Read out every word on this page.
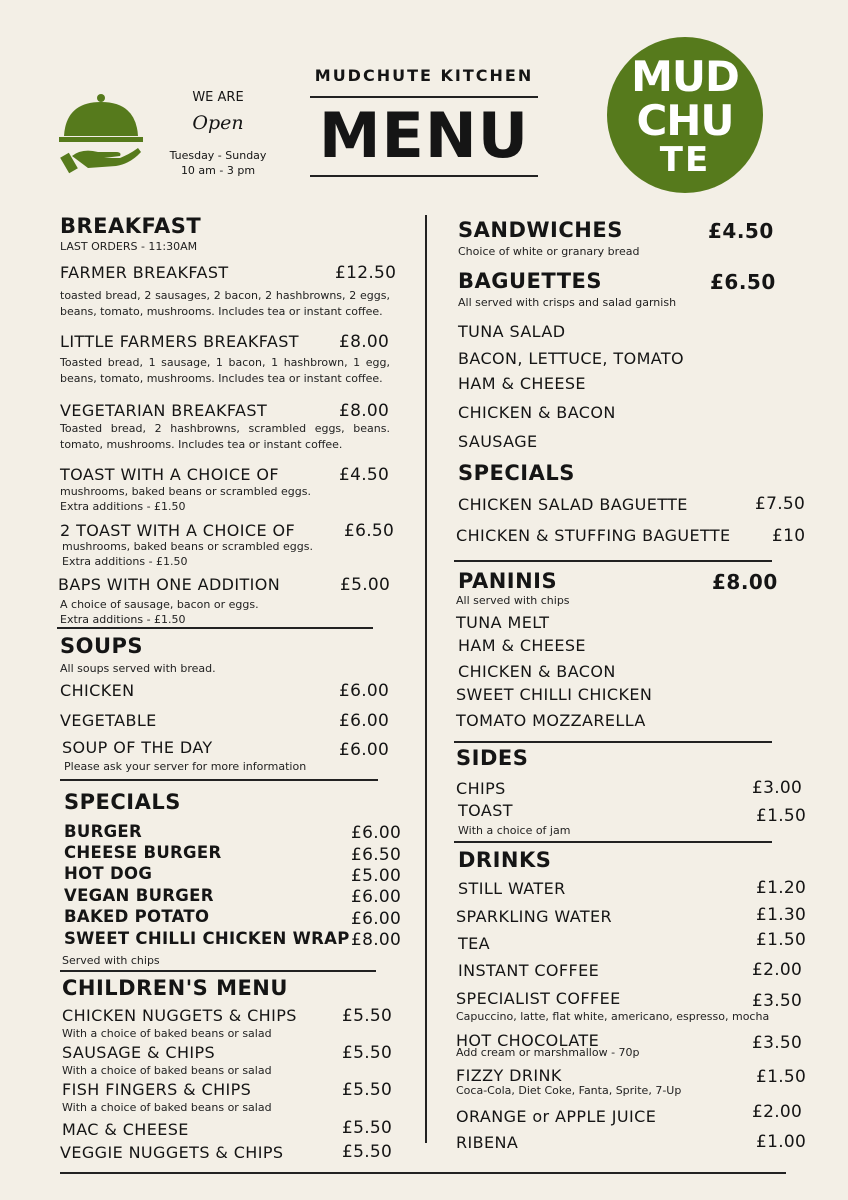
WE ARE
Open
Tuesday - Sunday
10 am - 3 pm
MUDCHUTE KITCHEN
MENU
MUD
CHU
TE
BREAKFAST
LAST ORDERS - 11:30AM
FARMER BREAKFAST	£12.50
toasted bread, 2 sausages, 2 bacon, 2 hashbrowns, 2 eggs, beans, tomato, mushrooms. Includes tea or instant coffee.
LITTLE FARMERS BREAKFAST £8.00
Toasted bread, 1 sausage, 1 bacon, 1 hashbrown, 1 egg, beans, tomato, mushrooms. Includes tea or instant coffee.
VEGETARIAN BREAKFAST	£8.00
Toasted bread, 2 hashbrowns, scrambled eggs, beans. tomato, mushrooms. Includes tea or instant coffee.
TOAST WITH A CHOICE OF	£4.50
mushrooms, baked beans or scrambled eggs.
Extra additions - £1.50
2 TOAST WITH A CHOICE OF	£6.50
mushrooms, baked beans or scrambled eggs.
Extra additions - £1.50
BAPS WITH ONE ADDITION	£5.00
A choice of sausage, bacon or eggs.
Extra additions - £1.50
SOUPS
All soups served with bread.
CHICKEN	£6.00
VEGETABLE	£6.00
SOUP OF THE DAY	£6.00
Please ask your server for more information
SPECIALS
BURGER	£6.00
CHEESE BURGER	£6.50
HOT DOG	£5.00
VEGAN BURGER	£6.00
BAKED POTATO	£6.00
SWEET CHILLI CHICKEN WRAP £8.00
Served with chips
CHILDREN'S MENU
CHICKEN NUGGETS & CHIPS	£5.50
With a choice of baked beans or salad
SAUSAGE & CHIPS	£5.50
With a choice of baked beans or salad
FISH FINGERS & CHIPS	£5.50
With a choice of baked beans or salad
MAC & CHEESE	£5.50
VEGGIE NUGGETS & CHIPS	£5.50
SANDWICHES	£4.50
Choice of white or granary bread
BAGUETTES	£6.50
All served with crisps and salad garnish
TUNA SALAD
BACON, LETTUCE, TOMATO
HAM & CHEESE
CHICKEN & BACON
SAUSAGE
SPECIALS
CHICKEN SALAD BAGUETTE	£7.50
CHICKEN & STUFFING BAGUETTE £10
PANINIS	£8.00
All served with chips
TUNA MELT
HAM & CHEESE
CHICKEN & BACON
SWEET CHILLI CHICKEN
TOMATO MOZZARELLA
SIDES
CHIPS	£3.00
TOAST	£1.50
With a choice of jam
DRINKS
STILL WATER	£1.20
SPARKLING WATER	£1.30
TEA	£1.50
INSTANT COFFEE	£2.00
SPECIALIST COFFEE	£3.50
Capuccino, latte, flat white, americano, espresso, mocha
HOT CHOCOLATE	£3.50
Add cream or marshmallow - 70p
FIZZY DRINK	£1.50
Coca-Cola, Diet Coke, Fanta, Sprite, 7-Up
ORANGE or APPLE JUICE	£2.00
RIBENA	£1.00
